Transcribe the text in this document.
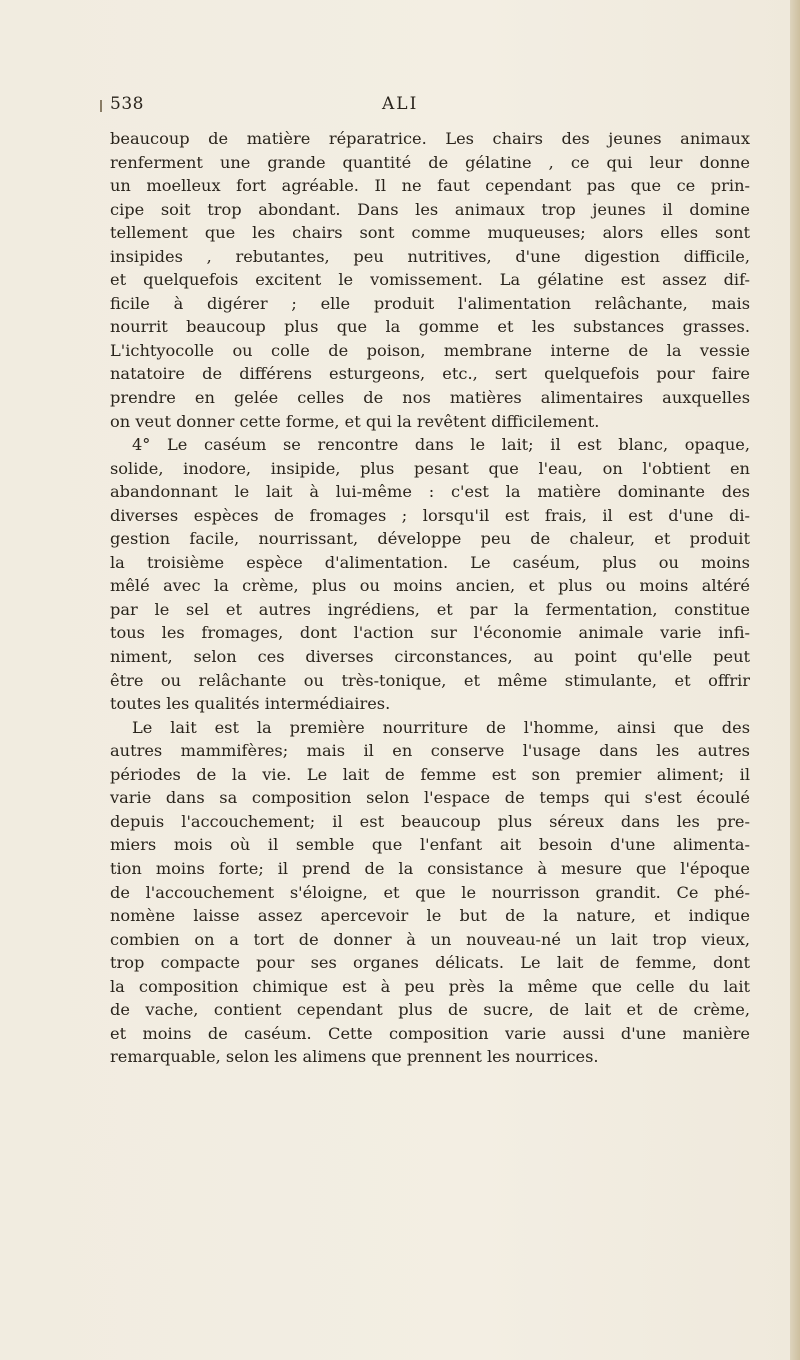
538	ALI
beaucoup de matière réparatrice. Les chairs des jeunes animaux
renferment une grande quantité de gélatine , ce qui leur donne
un moelleux fort agréable. Il ne faut cependant pas que ce prin-
cipe soit trop abondant. Dans les animaux trop jeunes il domine
tellement que les chairs sont comme muqueuses; alors elles sont
insipides , rebutantes, peu nutritives, d'une digestion difficile,
et quelquefois excitent le vomissement. La gélatine est assez dif-
ficile à digérer ; elle produit l'alimentation relâchante, mais
nourrit beaucoup plus que la gomme et les substances grasses.
L'ichtyocolle ou colle de poison, membrane interne de la vessie
natatoire de différens esturgeons, etc., sert quelquefois pour faire
prendre en gelée celles de nos matières alimentaires auxquelles
on veut donner cette forme, et qui la revêtent difficilement.
4° Le caséum se rencontre dans le lait; il est blanc, opaque,
solide, inodore, insipide, plus pesant que l'eau, on l'obtient en
abandonnant le lait à lui-même : c'est la matière dominante des
diverses espèces de fromages ; lorsqu'il est frais, il est d'une di-
gestion facile, nourrissant, développe peu de chaleur, et produit
la troisième espèce d'alimentation. Le caséum, plus ou moins
mêlé avec la crème, plus ou moins ancien, et plus ou moins altéré
par le sel et autres ingrédiens, et par la fermentation, constitue
tous les fromages, dont l'action sur l'économie animale varie infi-
niment, selon ces diverses circonstances, au point qu'elle peut
être ou relâchante ou très-tonique, et même stimulante, et offrir
toutes les qualités intermédiaires.
Le lait est la première nourriture de l'homme, ainsi que des
autres mammifères; mais il en conserve l'usage dans les autres
périodes de la vie. Le lait de femme est son premier aliment; il
varie dans sa composition selon l'espace de temps qui s'est écoulé
depuis l'accouchement; il est beaucoup plus séreux dans les pre-
miers mois où il semble que l'enfant ait besoin d'une alimenta-
tion moins forte; il prend de la consistance à mesure que l'époque
de l'accouchement s'éloigne, et que le nourrisson grandit. Ce phé-
nomène laisse assez apercevoir le but de la nature, et indique
combien on a tort de donner à un nouveau-né un lait trop vieux,
trop compacte pour ses organes délicats. Le lait de femme, dont
la composition chimique est à peu près la même que celle du lait
de vache, contient cependant plus de sucre, de lait et de crème,
et moins de caséum. Cette composition varie aussi d'une manière
remarquable, selon les alimens que prennent les nourrices.
